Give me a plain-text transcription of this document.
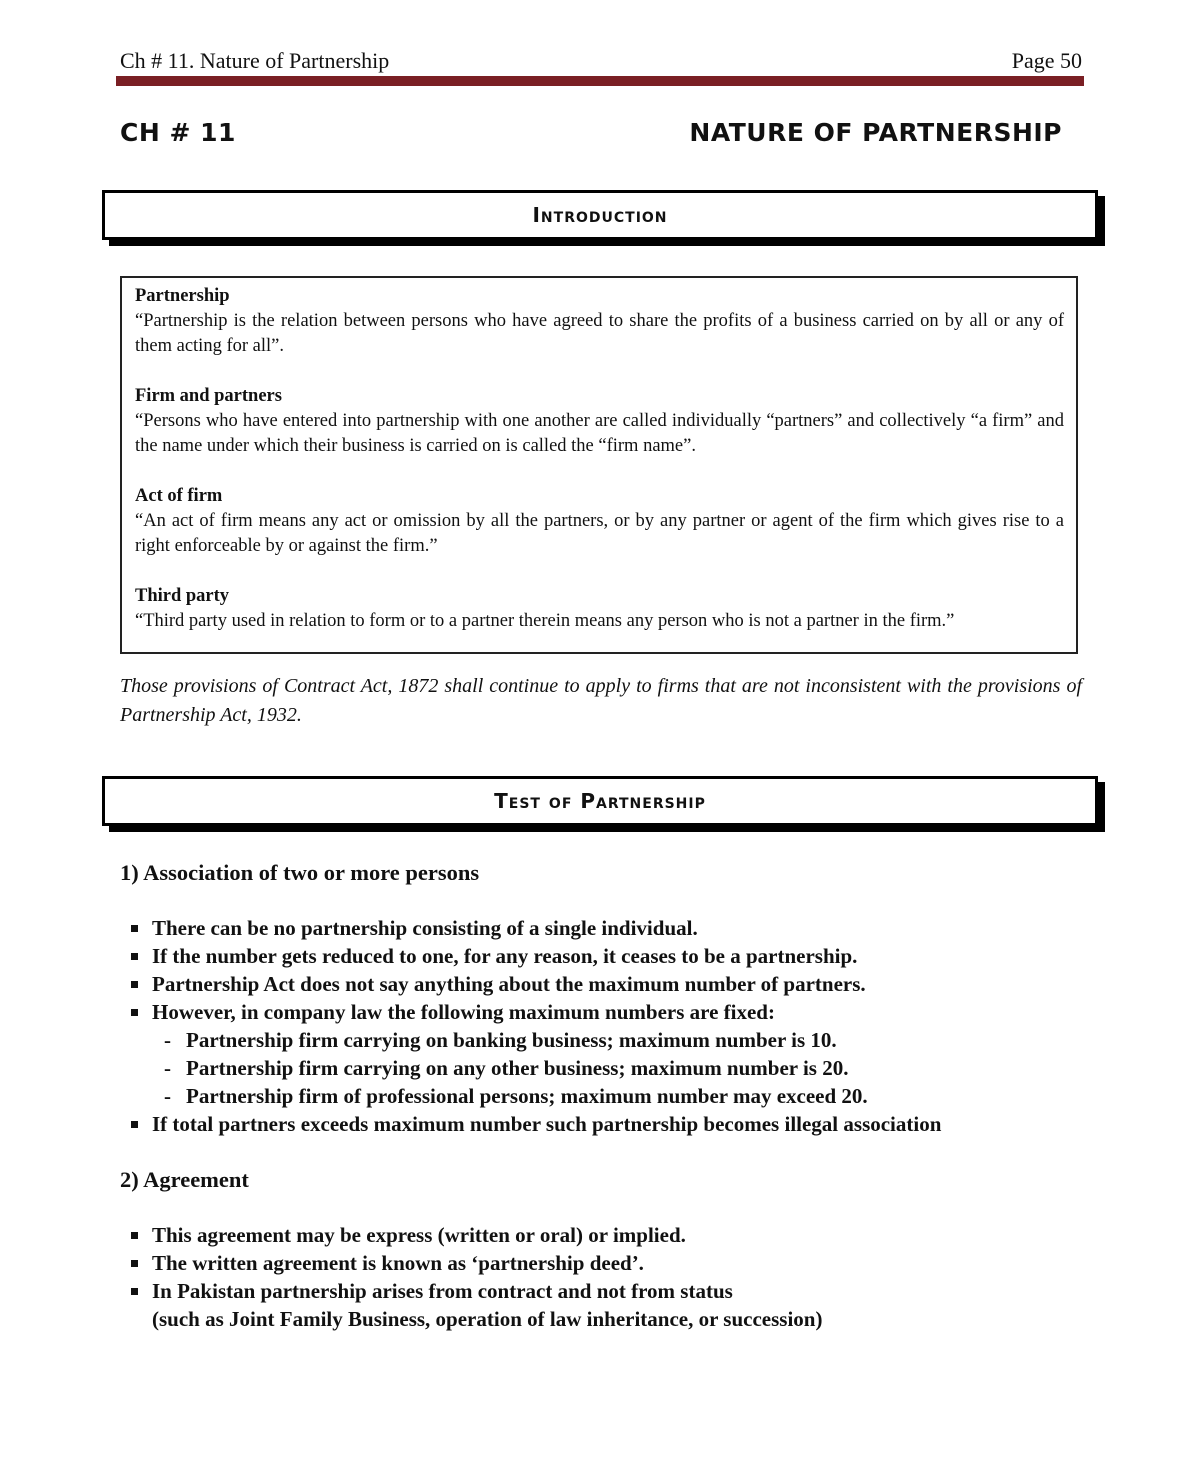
Ch # 11. Nature of Partnership	Page 50
CH # 11	NATURE OF PARTNERSHIP
Introduction
Partnership
“Partnership is the relation between persons who have agreed to share the profits of a business carried on by all or any of them acting for all”.
Firm and partners
“Persons who have entered into partnership with one another are called individually “partners” and collectively “a firm” and the name under which their business is carried on is called the “firm name”.
Act of firm
“An act of firm means any act or omission by all the partners, or by any partner or agent of the firm which gives rise to a right enforceable by or against the firm.”
Third party
“Third party used in relation to form or to a partner therein means any person who is not a partner in the firm.”
Those provisions of Contract Act, 1872 shall continue to apply to firms that are not inconsistent with the provisions of Partnership Act, 1932.
Test of Partnership
1) Association of two or more persons
There can be no partnership consisting of a single individual.
If the number gets reduced to one, for any reason, it ceases to be a partnership.
Partnership Act does not say anything about the maximum number of partners.
However, in company law the following maximum numbers are fixed:
- Partnership firm carrying on banking business; maximum number is 10.
- Partnership firm carrying on any other business; maximum number is 20.
- Partnership firm of professional persons; maximum number may exceed 20.
If total partners exceeds maximum number such partnership becomes illegal association
2) Agreement
This agreement may be express (written or oral) or implied.
The written agreement is known as ‘partnership deed’.
In Pakistan partnership arises from contract and not from status
(such as Joint Family Business, operation of law inheritance, or succession)
